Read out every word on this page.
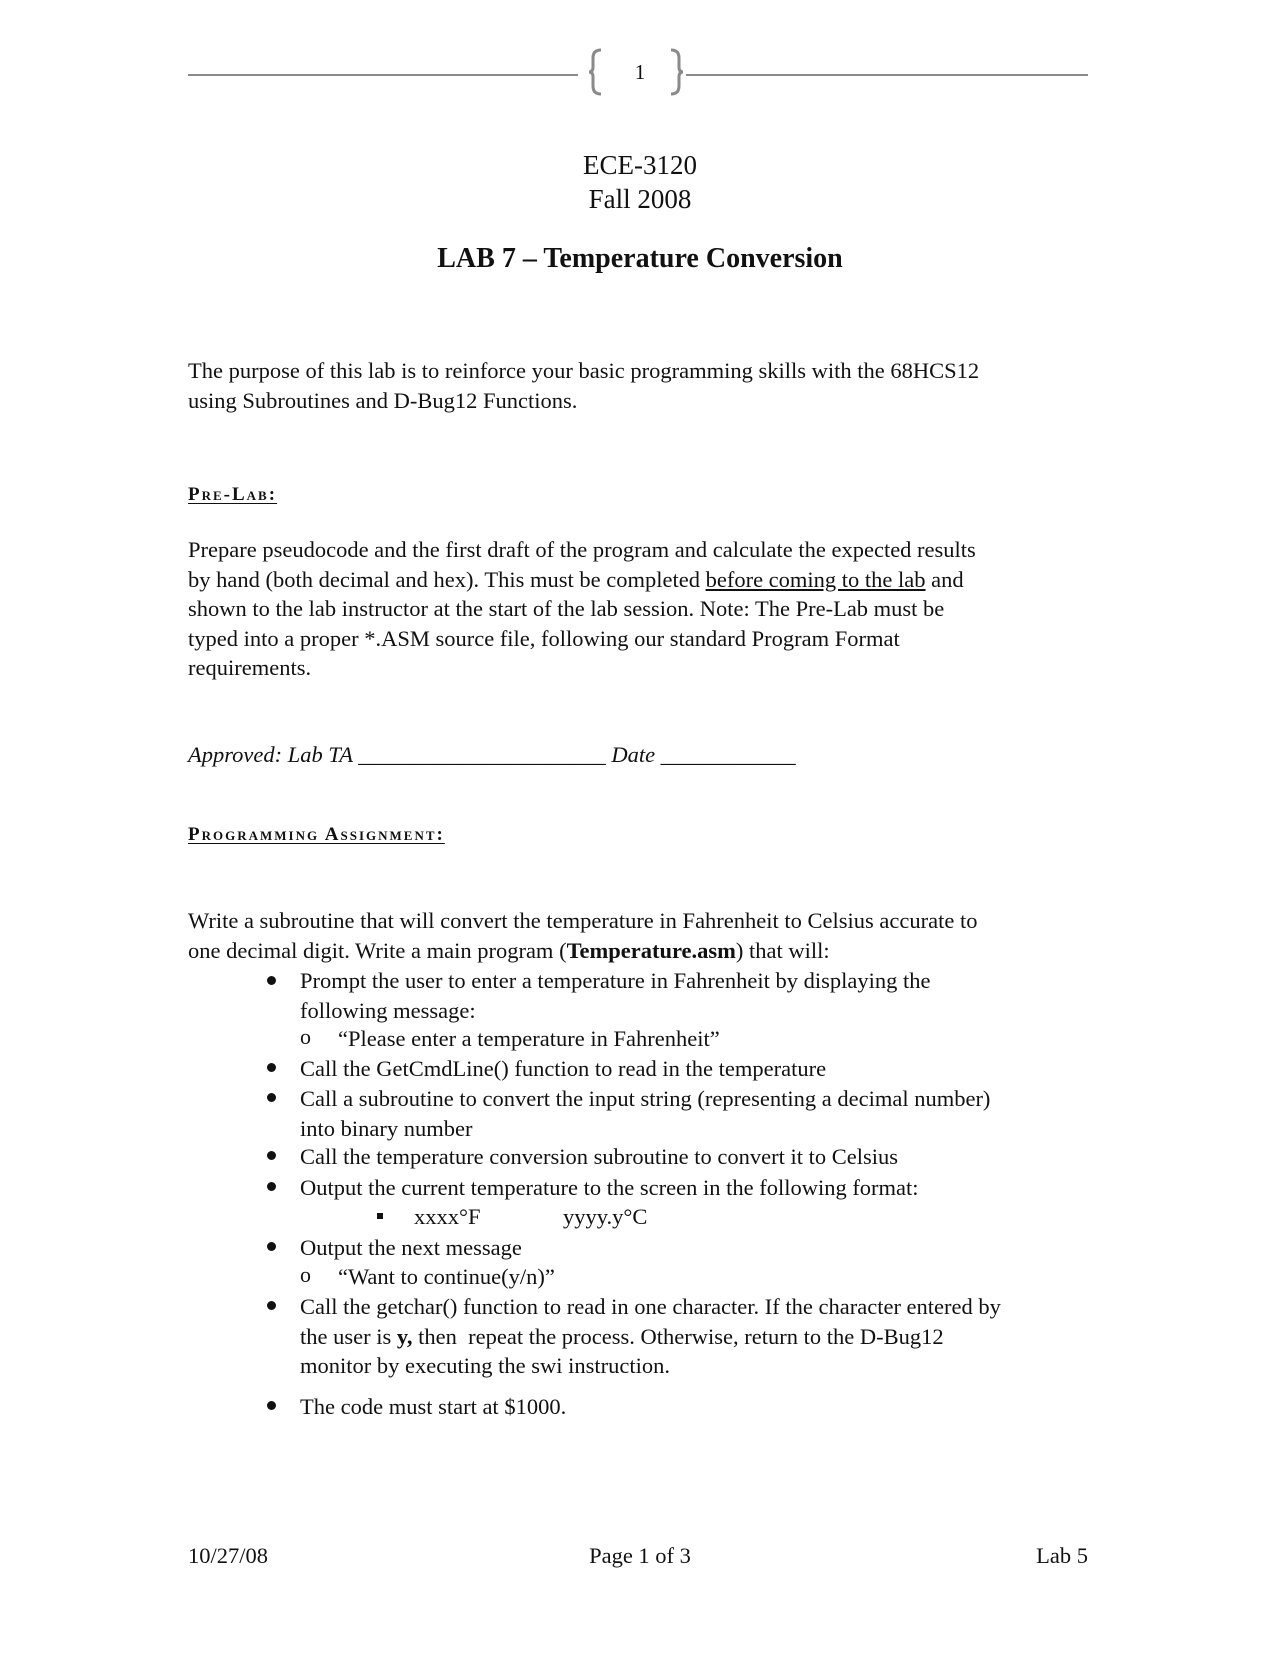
1
ECE-3120
Fall 2008
LAB 7 – Temperature Conversion
The purpose of this lab is to reinforce your basic programming skills with the 68HCS12
using Subroutines and D-Bug12 Functions.
Pre-Lab:
Prepare pseudocode and the first draft of the program and calculate the expected results
by hand (both decimal and hex). This must be completed before coming to the lab and
shown to the lab instructor at the start of the lab session. Note: The Pre-Lab must be
typed into a proper *.ASM source file, following our standard Program Format
requirements.
Approved: Lab TA ______________________ Date ____________
Programming Assignment:
Write a subroutine that will convert the temperature in Fahrenheit to Celsius accurate to
one decimal digit. Write a main program (Temperature.asm) that will:
Prompt the user to enter a temperature in Fahrenheit by displaying the
following message:
o “Please enter a temperature in Fahrenheit”
Call the GetCmdLine() function to read in the temperature
Call a subroutine to convert the input string (representing a decimal number)
into binary number
Call the temperature conversion subroutine to convert it to Celsius
Output the current temperature to the screen in the following format:
xxxx°F	yyyy.y°C
Output the next message
o “Want to continue(y/n)”
Call the getchar() function to read in one character. If the character entered by
the user is y, then  repeat the process. Otherwise, return to the D-Bug12
monitor by executing the swi instruction.
The code must start at $1000.
10/27/08	Page 1 of 3	Lab 5
